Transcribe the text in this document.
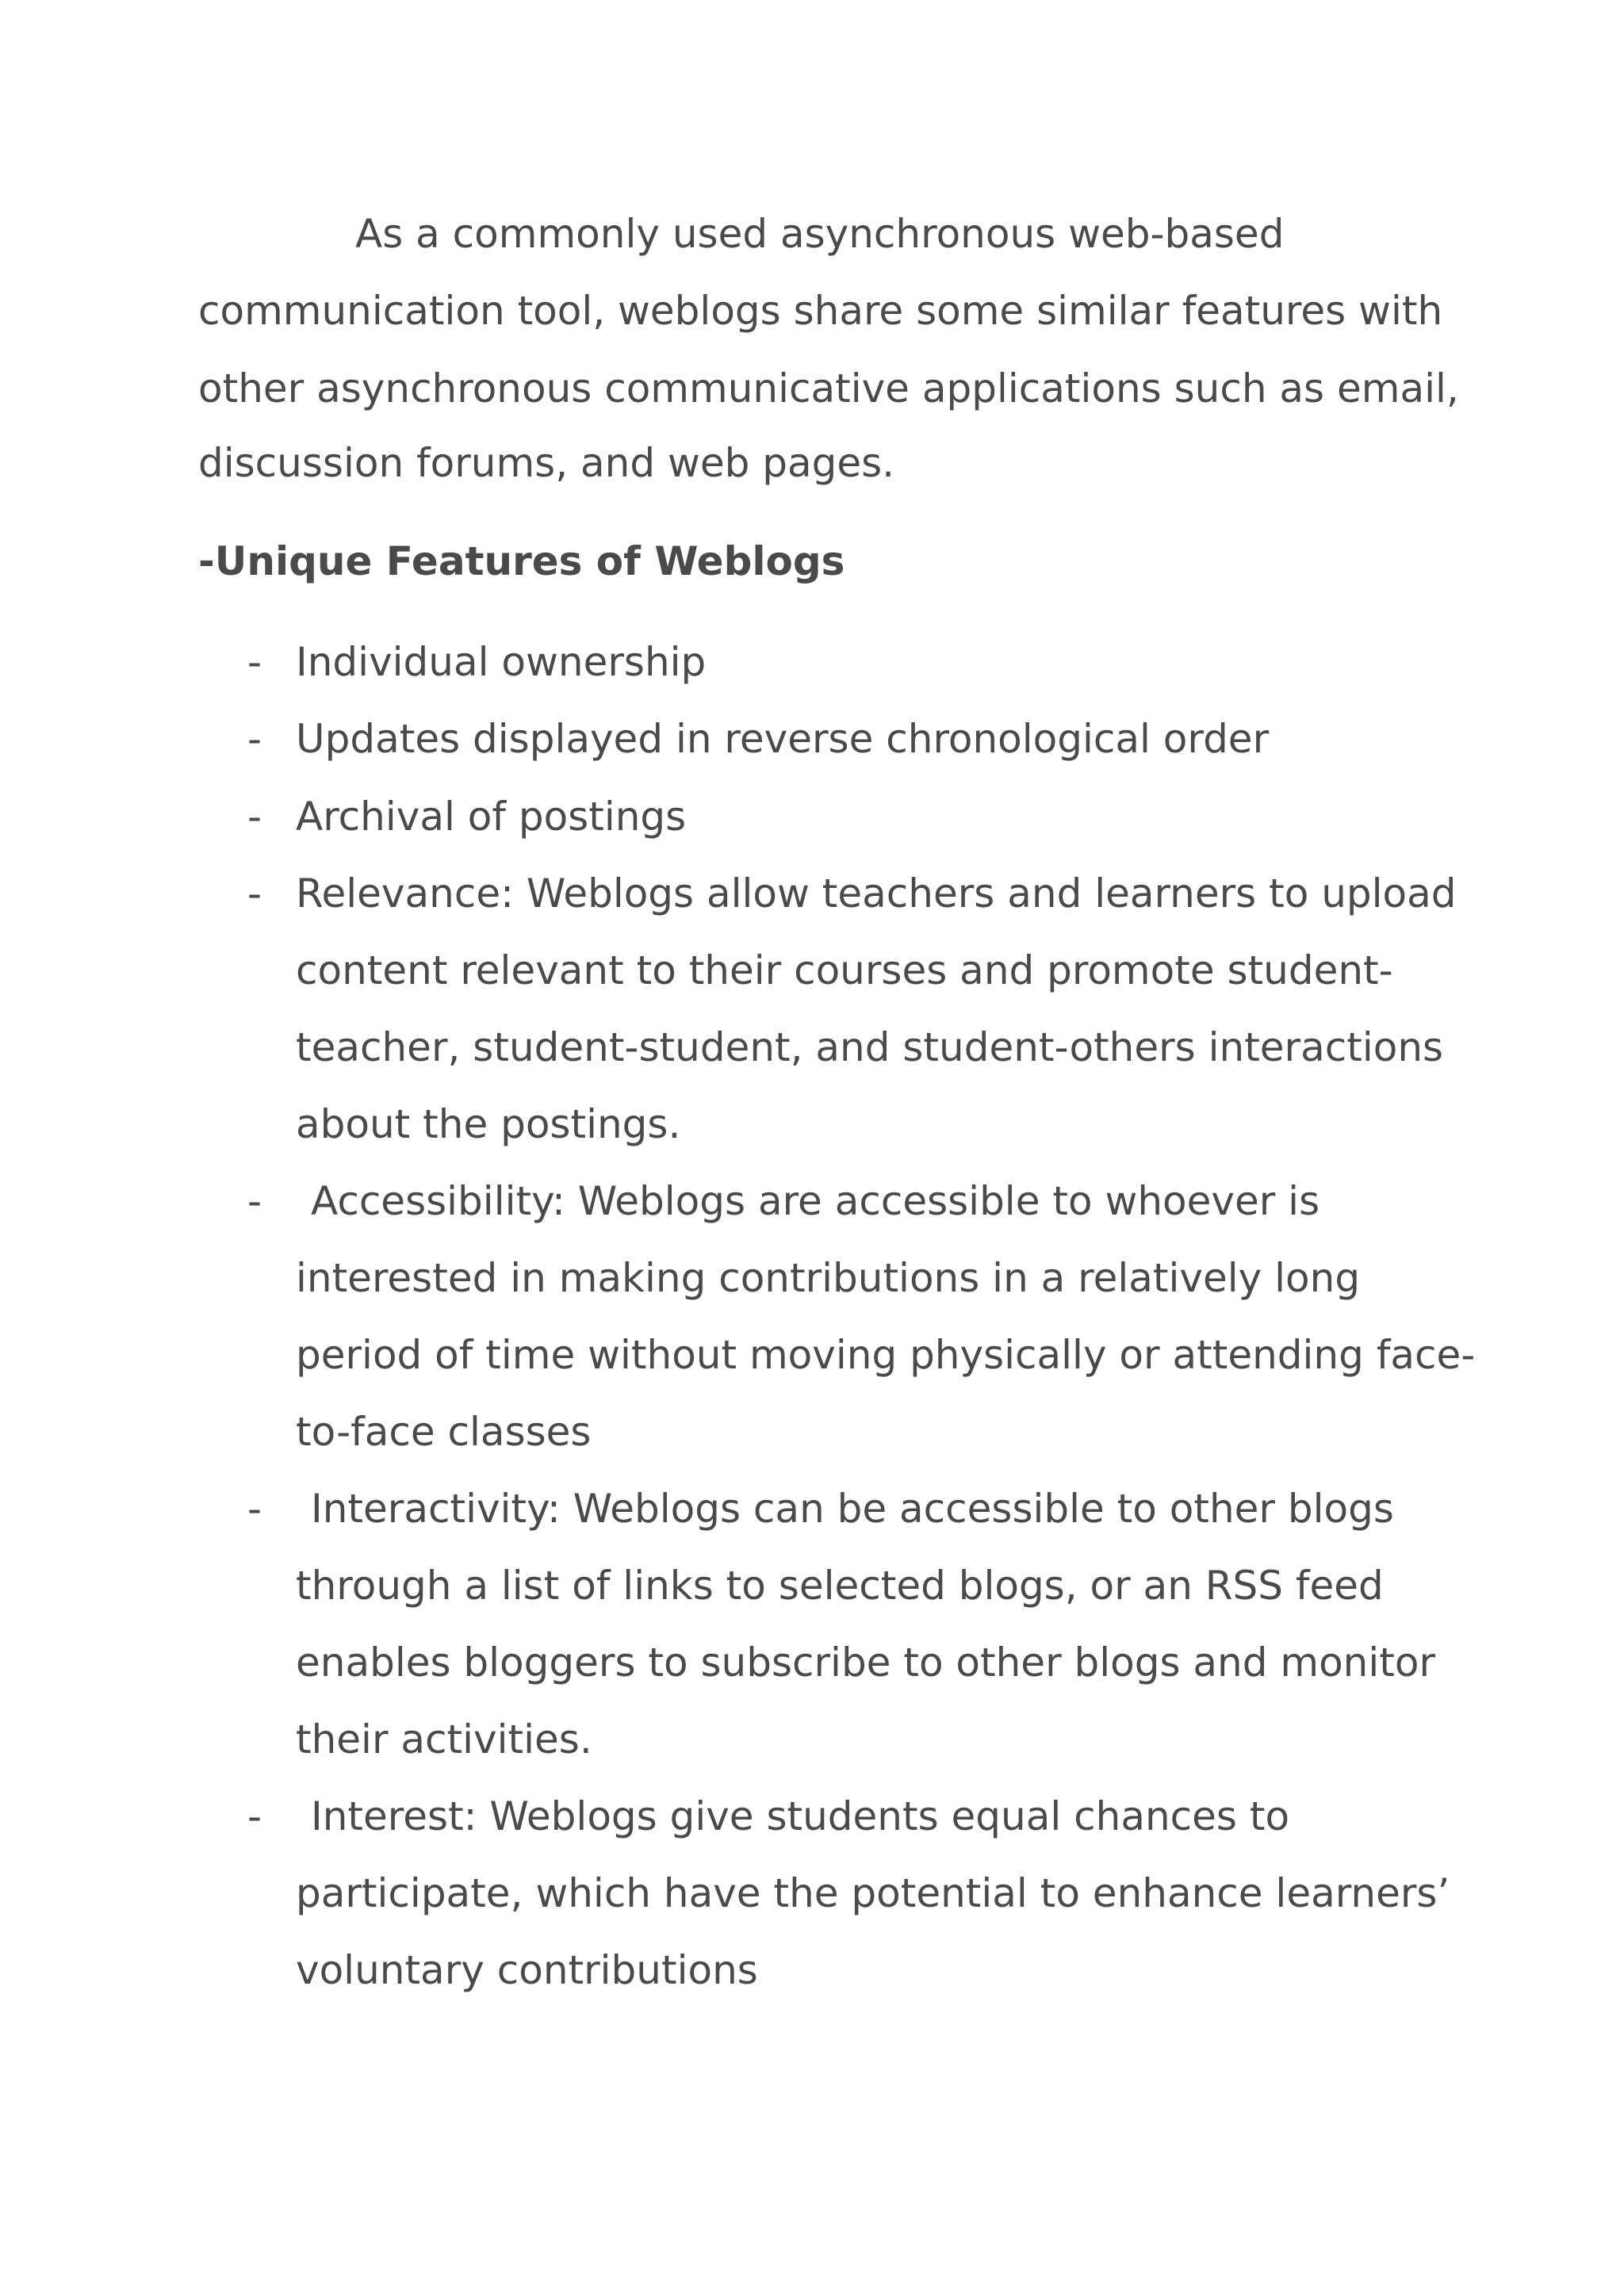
As a commonly used asynchronous web-based
communication tool, weblogs share some similar features with
other asynchronous communicative applications such as email,
discussion forums, and web pages.
-Unique Features of Weblogs
- Individual ownership
- Updates displayed in reverse chronological order
- Archival of postings
- Relevance: Weblogs allow teachers and learners to upload
content relevant to their courses and promote student-
teacher, student-student, and student-others interactions
about the postings.
- Accessibility: Weblogs are accessible to whoever is
interested in making contributions in a relatively long
period of time without moving physically or attending face-
to-face classes
- Interactivity: Weblogs can be accessible to other blogs
through a list of links to selected blogs, or an RSS feed
enables bloggers to subscribe to other blogs and monitor
their activities.
- Interest: Weblogs give students equal chances to
participate, which have the potential to enhance learners’
voluntary contributions
